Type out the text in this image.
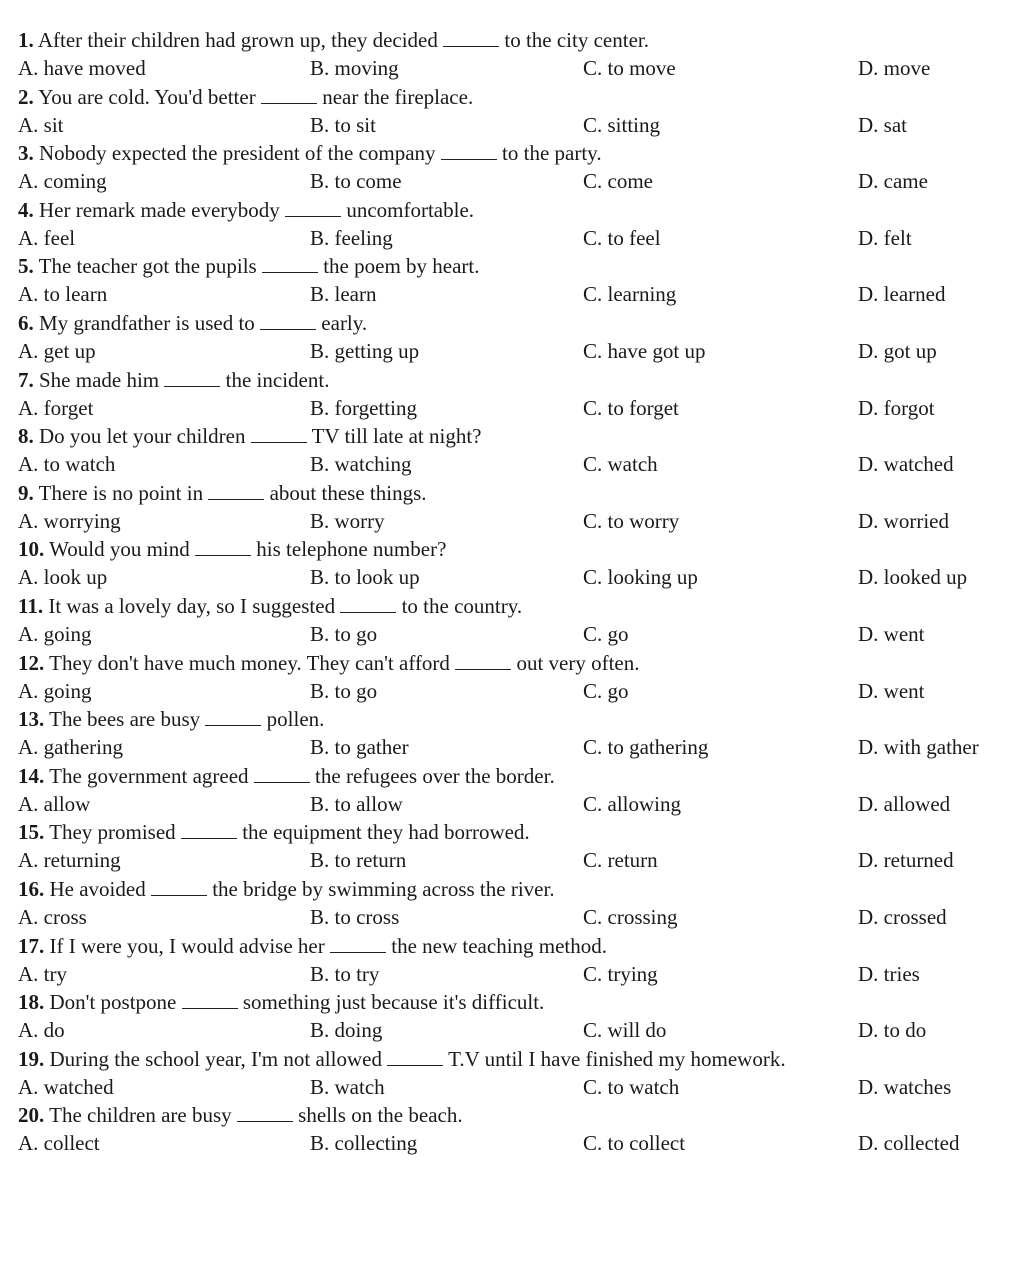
1. After their children had grown up, they decided	to the city center.
A. have moved	B. moving	C. to move	D. move
2. You are cold. You'd better	near the fireplace.
A. sit	B. to sit	C. sitting	D. sat
3. Nobody expected the president of the company	to the party.
A. coming	B. to come	C. come	D. came
4. Her remark made everybody	uncomfortable.
A. feel	B. feeling	C. to feel	D. felt
5. The teacher got the pupils	the poem by heart.
A. to learn	B. learn	C. learning	D. learned
6. My grandfather is used to	early.
A. get up	B. getting up	C. have got up	D. got up
7. She made him	the incident.
A. forget	B. forgetting	C. to forget	D. forgot
8. Do you let your children	TV till late at night?
A. to watch	B. watching	C. watch	D. watched
9. There is no point in	about these things.
A. worrying	B. worry	C. to worry	D. worried
10. Would you mind	his telephone number?
A. look up	B. to look up	C. looking up	D. looked up
11. It was a lovely day, so I suggested	to the country.
A. going	B. to go	C. go	D. went
12. They don't have much money. They can't afford	out very often.
A. going	B. to go	C. go	D. went
13. The bees are busy	pollen.
A. gathering	B. to gather	C. to gathering	D. with gather
14. The government agreed	the refugees over the border.
A. allow	B. to allow	C. allowing	D. allowed
15. They promised	the equipment they had borrowed.
A. returning	B. to return	C. return	D. returned
16. He avoided	the bridge by swimming across the river.
A. cross	B. to cross	C. crossing	D. crossed
17. If I were you, I would advise her	the new teaching method.
A. try	B. to try	C. trying	D. tries
18. Don't postpone	something just because it's difficult.
A. do	B. doing	C. will do	D. to do
19. During the school year, I'm not allowed	T.V until I have finished my homework.
A. watched	B. watch	C. to watch	D. watches
20. The children are busy	shells on the beach.
A. collect	B. collecting	C. to collect	D. collected
